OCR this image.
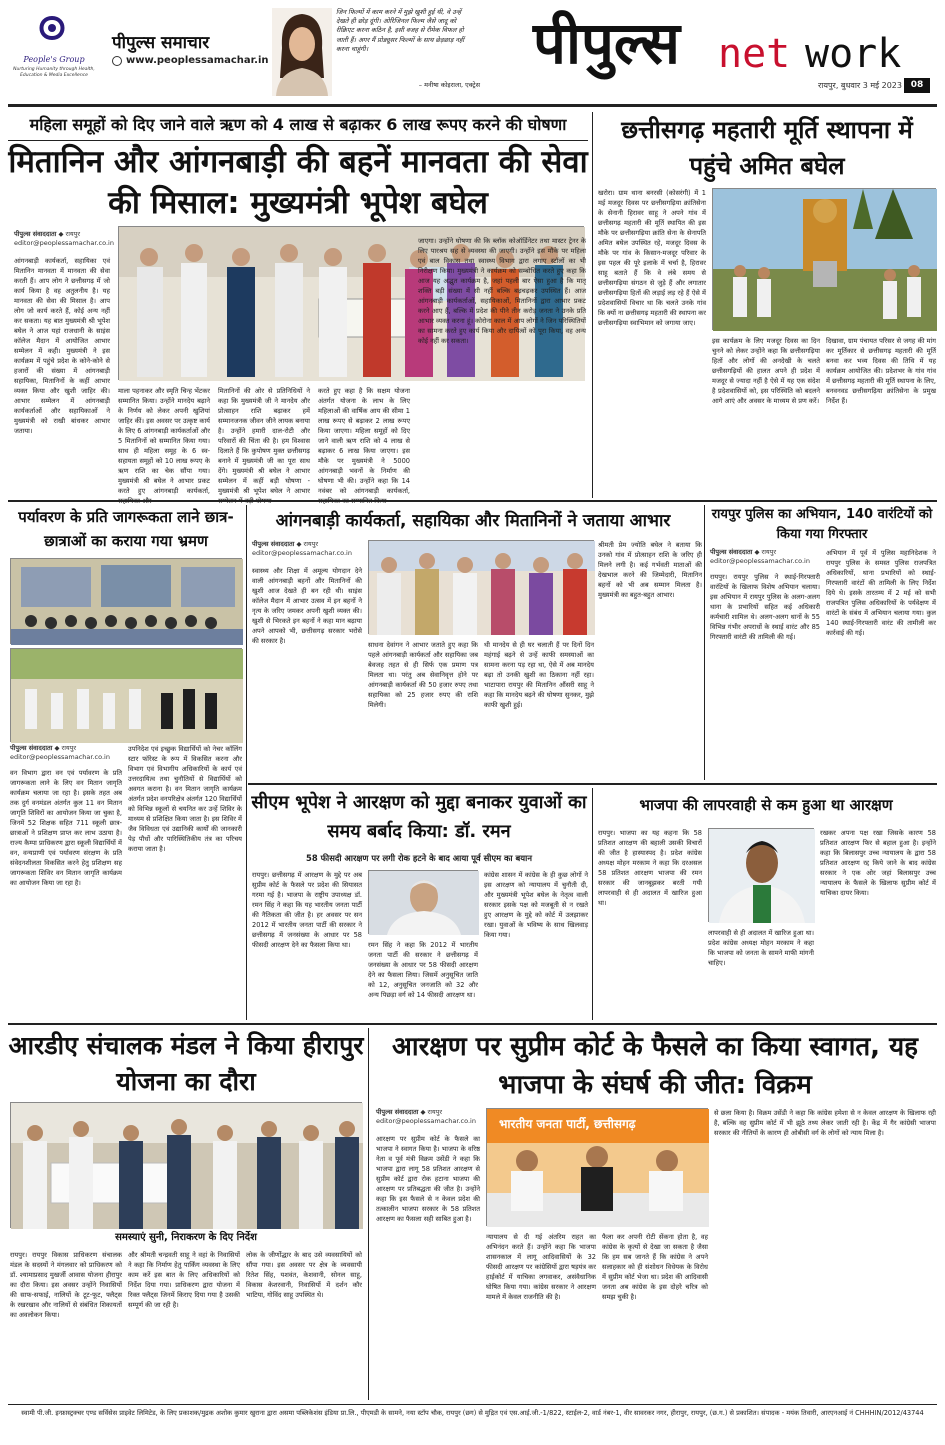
People's Group
Nurturing Humanity through Health, Education & Media Excellence
पीपुल्स समाचार
www.peoplessamachar.in
जिन फिल्मों में काम करने में मुझे खुशी हुई थी, वे उन्हें देखते ही छोड़ दूंगी। ओरिजिनल फिल्म जैसे जादू को रीक्रिएट करना कठिन है, इसी वजह से रीमेक विफल हो जाती हैं। अगर मैं प्रोड्यूसर फिल्मों के साथ छेड़छाड़ नहीं करना चाहूंगी।
– मनीषा कोइराला, एक्ट्रेस
पीपुल्स net work
रायपुर, बुधवार 3 मई 2023 08
महिला समूहों को दिए जाने वाले ऋण को 4 लाख से बढ़ाकर 6 लाख रूपए करने की घोषणा
मितानिन और आंगनबाड़ी की बहनें मानवता की सेवा की मिसाल: मुख्यमंत्री भूपेश बघेल
पीपुल्स संवाददाता ◆ रायपुर
editor@peoplessamachar.co.in
आंगनबाड़ी कार्यकर्ता, सहायिका एवं मितानिन मानवता में मानवता की सेवा करती हैं। आप लोग ने छत्तीसगढ़ में जो कार्य किया है वह अतुलनीय है। यह मानवता की सेवा की मिसाल है। आप लोग जो कार्य करते हैं, कोई अन्य नहीं कर सकता। यह बात मुख्यमंत्री श्री भूपेश बघेल ने आज यहां राजधानी के साइंस कॉलेज मैदान में आयोजित आभार सम्मेलन में कही। मुख्यमंत्री ने इस कार्यक्रम में पहुंचे प्रदेश के कोने-कोने से हजारों की संख्या में आंगनबाड़ी सहायिका, मितानिनों के कहीं आभार व्यक्त किया और खुशी जाहिर की। आभार सम्मेलन में आंगनबाड़ी कार्यकर्ताओं और सहायिकाओं ने मुख्यमंत्री को राखी बांधकर आभार जताया।
माला पहनाकर और स्मृति चिन्ह भेंटकर सम्मानित किया। उन्होंने मानदेय बढ़ाने के निर्णय को लेकर अपनी खुशियां जाहिर कीं। इस अवसर पर उत्कृष्ट कार्य के लिए 6 आंगनबाड़ी कार्यकर्ताओं और 5 मितानिनों को सम्मानित किया गया। साथ ही महिला समूह के 6 स्व-सहायता समूहों को 10 लाख रूपए के ऋण राशि का चेक सौंपा गया। मुख्यमंत्री श्री बघेल ने आभार प्रकट करते हुए आंगनबाड़ी कार्यकर्ता,
मितानिनों की ओर से प्रतिनिधियों ने कहा कि मुख्यमंत्री जी ने मानदेय और प्रोत्साहन राशि बढ़ाकर हमें सम्मानजनक जीवन जीने लायक बनाया है। उन्होंने हमारी दाल-रोटी और परिवारों की चिंता की है। हम विश्वास दिलाते हैं कि कुपोषण मुक्त छत्तीसगढ़ बनाने में मुख्यमंत्री जी का पूरा साथ देंगे। मुख्यमंत्री श्री बघेल ने आभार सम्मेलन में कहीं बड़ी घोषणा - मुख्यमंत्री श्री भूपेश बघेल ने आभार
करते हुए कहा है कि सक्षम योजना अंतर्गत योजना के लाभ के लिए महिलाओं की वार्षिक आय की सीमा 1 लाख रूपए से बढ़ाकर 2 लाख रूपए किया जाएगा। महिला समूहों को दिए जाने वाली ऋण राशि को 4 लाख से बढ़ाकर 6 लाख किया जाएगा। इस मौके पर मुख्यमंत्री ने 5000 आंगनबाड़ी भवनों के निर्माण की घोषणा भी की। उन्होंने कहा कि 14 नवंबर को आंगनबाड़ी कार्यकर्ता,
जाएगा। उन्होंने घोषणा की कि ब्लॉक कोऑर्डिनेटर तथा मास्टर ट्रेनर के लिए पारश्रय सह से व्यवस्था की जाएगी। उन्होंने इस मौके पर महिला एवं बाल विकास तथा स्वास्थ्य विभाग द्वारा लगाए स्टॉलों का भी निरीक्षण किया। मुख्यमंत्री ने कार्यक्रम को सम्बोधित करते हुए कहा कि आज यह अद्भुत कार्यक्रम है, जहां पहली बार ऐसा हुआ है कि मातृ शक्ति बड़ी संख्या में सी नहीं बल्कि बढ़चढ़कर उपस्थित हैं। आज आंगनबाड़ी कार्यकर्ताओं, सहायिकाओं, मितानिनों द्वारा आभार प्रकट करने आए हैं, बल्कि में प्रदेश की पीने तीन करोड़ जनता ने उनके प्रति आभार व्यक्त करना हूं। कोरोना काल में आप लोगों ने जिन परिस्थितियों का सामना करते हुए कार्य किया और दायित्वों को पूरा किया, वह अन्य कोई नहीं कर सकता।
छत्तीसगढ़ महतारी मूर्ति स्थापना में पहुंचे अमित बघेल
खरोरा। ग्राम थाना बनरसी (कोसरंगी) में 1 मई मजदूर दिवस पर छत्तीसगढ़िया क्रांतिसेना के सेनानी हिरावर साहू ने अपने गांव में छत्तीसगढ़ महतारी की मूर्ति स्थापित की इस मौके पर छत्तीसगढ़िया क्रांति सेना के सेनापति अमित बघेल उपस्थित रहे, मजदूर दिवस के मौके पर गांव के किसान-मजदूर परिवार के इस पहल की पूरे इलाके में चर्चा है, हिरावर साहू बताते हैं कि वे लंबे समय से छत्तीसगढ़िया संगठन से जुड़े हैं और लगातार छत्तीसगढ़िया हितों की लड़ाई लड़ रहे हैं ऐसे में प्रदेशवासियों विचार था कि चलते उनके गांव कि क्यों ना छत्तीसगढ़ महतारी की स्थापना कर छत्तीसगढ़िया स्वाभिमान को जगाया जाए।
इस कार्यक्रम के लिए मजदूर दिवस का दिन चुनने को लेकर उन्होंने कहा कि छत्तीसगढ़िया हितों और लोगों की अनदेखी के चलते छत्तीसगढ़ियों की हालत अपने ही प्रदेश में मजदूर से ज्यादा नहीं है ऐसे में यह एक संदेश है प्रदेशवासियों को, इस परिस्थिति को बदलने आगे आएं और अवसर के माध्यम से प्रण करें।
दिखावा, ग्राम पंचायत परिसर से जगह की मांग कर मूर्तिकार से छत्तीसगढ़ महतारी की मूर्ति बनवा कर भव्य दिवस की तिथि में यह कार्यक्रम आयोजित की। प्रदेशभर के गांव गांव में छत्तीसगढ़ महतारी की मूर्ति स्थापना के लिए, बनवनवड छत्तीसगढ़िया क्रांतिसेना के प्रमुख निर्देश हैं।
पर्यावरण के प्रति जागरूकता लाने छात्र-छात्राओं का कराया गया भ्रमण
पीपुल्स संवाददाता ◆ रायपुर
editor@peoplessamachar.co.in
वन विभाग द्वारा वन एवं पर्यावरण के प्रति जागरूकता लाने के लिए वन मितान जागृति कार्यक्रम चलाया जा रहा है। इसके तहत अब तक दुर्ग वनमंडल अंतर्गत कुल 11 वन मितान जागृति शिविरों का आयोजन किया जा चुका है, जिनमें 52 शिक्षक सहित 711 स्कूली छात्र-छात्राओं ने प्रशिक्षण प्राप्त कर लाभ उठाया है। राज्य कैम्पा प्राधिकरण द्वारा स्कूली विद्यार्थियों में वन, वन्यप्राणी एवं पर्यावरण संरक्षण के प्रति संवेदनशीलता विकसित करने हेतु प्रशिक्षण सह जागरूकता शिविर वन मितान जागृति कार्यक्रम का आयोजन किया जा रहा है।
उपनिदेश एवं इच्छुक विद्यार्थियों को नेचर कॉलिंग स्टार फॉरेस्ट के रूप में विकसित करना और विभाग एवं विभागीय अधिकारियों के कार्य एवं उत्तरदायित्व तथा चुनौतियों से विद्यार्थियों को अवगत कराना है। वन मितान जागृति कार्यक्रम अंतर्गत प्रदेश वनपरिक्षेत्र अंतर्गत 120 विद्यार्थियों को विभिन्न स्कूलों से चयनित कर उन्हें शिविर के माध्यम से प्रशिक्षित किया जाता है। इस शिविर में जैव विविधता एवं उद्यानिकी कार्यों की जानकारी पेड़ पौधों और पारिस्थितिकीय तंत्र का परिचय कराया जाता है।
आंगनबाड़ी कार्यकर्ता, सहायिका और मितानिनों ने जताया आभार
पीपुल्स संवाददाता ◆ रायपुर
editor@peoplessamachar.co.in
स्वास्थ्य और शिक्षा में अमूल्य योगदान देने वाली आंगनबाड़ी बहनों और मितानिनों की खुशी आज देखते ही बन रही थी। साइंस कॉलेज मैदान में आभार उत्सव में इन बहनों ने नृत्य के जरिए जमकर अपनी खुशी व्यक्त की। खुशी से भिरकते इन बहनों ने कहा मान बढ़ाया अपने आपको भी, छत्तीसगढ़ सरकार भरोसे की सरकार है।	साधना देवांगन ने आभार जताते हुए कहा कि पहले आंगनबाड़ी कार्यकर्ता और सहायिका जब बेवजह तहत से ही सिर्फ एक प्रमाण पत्र मिलता था। परंतु अब सेवानिवृत्त होने पर आंगनबाड़ी कार्यकर्ता की 50 हजार रुपए तथा सहायिका को 25 हजार रुपए की राशि मिलेगी।
थी मानदेय से ही घर चलाती हैं पर दिनों दिन महंगाई बढ़ने से उन्हें काफी समस्याओं का सामना करना पड़ रहा था, ऐसे में अब मानदेय बढ़ा तो उनकी खुशी का ठिकाना नहीं रहा। भाटापारा रायपुर की मितानिन औंसरी साहू ने कहा कि मानदेय बढ़ने की घोषणा सुनकर, मुझे काफी खुशी हुई।
श्रीमती प्रेम ज्योति बघेल ने बताया कि उनको गांव में प्रोत्साहन राशि के जरिए ही मिलने लगी है। कई गर्भवती माताओं की देखभाल करने की जिम्मेदारी, मितानिन बहनों को भी अब सम्मान मिलता है। मुख्यमंत्री का बहुत-बहुत आभार।
रायपुर पुलिस का अभियान, 140 वारंटियों को किया गया गिरफ्तार
पीपुल्स संवाददाता ◆ रायपुर
editor@peoplessamachar.co.in
रायपुर। रायपुर पुलिस ने स्थाई-गिरफ्तारी वारंटियों के खिलाफ विशेष अभियान चलाया। इस अभियान में रायपुर पुलिस के अलग-अलग थाना के प्रभारियों सहित कई अधिकारी कर्मचारी शामिल थे। अलग-अलग थानों के 55 विभिन्न गंभीर अपराधों के स्थाई वारंट और 85 गिरफ्तारी वारंटी की तामिली की गई।
अभियान में पूर्व में पुलिस महानिदेशक ने रायपुर पुलिस के समस्त पुलिस राजपत्रित अधिकारियों, थाना प्रभारियों को स्थाई-गिरफ्तारी वारंटों की तामिली के लिए निर्देश दिये थे। इसके तारतम्य में 2 मई को सभी राजपत्रित पुलिस अधिकारियों के पर्यवेक्षण में वारंटों के संबंध में अभियान चलाया गया। कुल 140 स्थाई-गिरफ्तारी वारंट की तामीली कर कार्रवाई की गई।
सीएम भूपेश ने आरक्षण को मुद्दा बनाकर युवाओं का समय बर्बाद किया: डॉ. रमन
58 फीसदी आरक्षण पर लगी रोक हटने के बाद आया पूर्व सीएम का बयान
रायपुर। छत्तीसगढ़ में आरक्षण के मुद्दे पर अब सुप्रीम कोर्ट के फैसले पर प्रदेश की सियासत गरमा गई है। भाजपा के राष्ट्रीय उपाध्यक्ष डॉ. रमन सिंह ने कहा कि यह भारतीय जनता पार्टी की नैतिकता की जीत है। हर अवसर पर सन 2012 में भारतीय जनता पार्टी की सरकार ने छत्तीसगढ़ में जनसंख्या के आधार पर 58 फीसदी आरक्षण देने का फैसला किया था।	रमन सिंह ने कहा कि 2012 में भारतीय जनता पार्टी की सरकार ने छत्तीसगढ़ में जनसंख्या के आधार पर 58 फीसदी आरक्षण देने का फैसला लिया। जिसमें अनुसूचित जाति को 12, अनुसूचित जनजाति को 32 और अन्य पिछड़ा वर्ग को 14 फीसदी आरक्षण था।
कांग्रेस शासन में कांग्रेस के ही कुछ लोगों ने इस आरक्षण को न्यायालय में चुनौती दी, और मुख्यमंत्री भूपेश बघेल के नेतृत्व वाली सरकार इसके पक्ष को मजबूती से न रखते हुए आरक्षण के मुद्दे को कोर्ट में उलझाकर रखा। युवाओं के भविष्य के साथ खिलवाड़ किया गया।
भाजपा की लापरवाही से कम हुआ था आरक्षण
रायपुर। भाजपा का यह कहना कि 58 प्रतिशत आरक्षण की बहाली उसकी विचारों की जीत है हास्यास्पद है। प्रदेश कांग्रेस अध्यक्ष मोहन मरकाम ने कहा कि दरअसल 58 प्रतिशत आरक्षण भाजपा की रमन सरकार की जानबूझकर बरती गयी लापरवाही से ही अदालत में खारिज हुआ था।
लापरवाही से ही अदालत में खारिज हुआ था। प्रदेश कांग्रेस अध्यक्ष मोहन मरकाम ने कहा कि भाजपा को जनता के सामने माफी मांगनी चाहिए।
रखकर अपना पक्ष रखा जिसके कारण 58 प्रतिशत आरक्षण फिर से बहाल हुआ है। इन्होंने कहा कि बिलासपुर उच्च न्यायालय के द्वारा 58 प्रतिशत आरक्षण रद्द किये जाने के बाद कांग्रेस सरकार ने एक ओर जहां बिलासपुर उच्च न्यायालय के फैसले के खिलाफ सुप्रीम कोर्ट में याचिका दायर किया।
आरडीए संचालक मंडल ने किया हीरापुर योजना का दौरा
समस्याएं सुनी, निराकरण के दिए निर्देश
रायपुर। रायपुर विकास प्राधिकरण संचालक मंडल के सदस्यों ने मंगलवार को प्राधिकरण को डॉ. श्यामाप्रसाद मुखर्जी आवास योजना हीरापुर का दौरा किया। इस अवसर उन्होंने निवासियों की साफ-सफाई, नालियों के टूट-फूट, फ्लैट्स के रखरखाव और नालियों से संबंधित शिकायतों का अवलोकन किया।
और श्रीमती चन्द्रवती साहू ने वहां के निवासियों ने कहा कि निर्माण हेतु पार्किंग व्यवस्था के लिए काम करें इस बात के लिए अधिकारियों को निर्देश दिया गया। प्राधिकरण द्वारा योजना में रिक्त फ्लैट्स जिनमें किराए दिया गया है उसकी सम्पूर्ण की जा रही है।
लोक के जीर्णोद्धार के बाद उसे व्यवसायियों को सौंपा गया। इस अवसर पर क्षेत्र के व्यवसायी रितेश सिंह, यशवंत, केशवानी, सोनल साहू, विकास केशरवानी, निवासियों में दर्शन कौर भाटिया, गोविंद साहू उपस्थित थे।
आरक्षण पर सुप्रीम कोर्ट के फैसले का किया स्वागत, यह भाजपा के संघर्ष की जीत: विक्रम
पीपुल्स संवाददाता ◆ रायपुर
editor@peoplessamachar.co.in
आरक्षण पर सुप्रीम कोर्ट के फैसले का भाजपा ने स्वागत किया है। भाजपा के वरिष्ठ नेता व पूर्व मंत्री विक्रम उसेंडी ने कहा कि भाजपा द्वारा लागू 58 प्रतिशत आरक्षण से सुप्रीम कोर्ट द्वारा रोक हटाना भाजपा की आरक्षण पर प्रतिबद्धता की जीत है। उन्होंने कहा कि इस फैसले से न केवल प्रदेश की तत्कालीन भाजपा सरकार के 58 प्रतिशत आरक्षण का फैसला सही साबित हुआ है।
भारतीय जनता पार्टी, छत्तीसगढ़
न्यायालय से दी गई अंतरिम राहत का अभिनंदन करते हैं। उन्होंने कहा कि भाजपा शासनकाल में लागू आदिवासियों के 32 फीसदी आरक्षण पर कांग्रेसियों द्वारा षड़यंत्र कर हाईकोर्ट में याचिका लगवाकर, असंवैधानिक घोषित किया गया। कांग्रेस सरकार ने आरक्षण मामले में केवल राजनीति की है।
फैला कर अपनी रोटी सेंकना होता है, वह कांग्रेस के कृत्यों से देखा जा सकता है जैसा कि हम सब जानते हैं कि कांग्रेस ने अपने सलाहकार को ही संशोधन विधेयक के विरोध में सुप्रीम कोर्ट भेजा था। प्रदेश की आदिवासी जनता अब कांग्रेस के इस दोहरे चरित्र को समझ चुकी है।
से छला किया है। विक्रम उसेंडी ने कहा कि कांग्रेस हमेशा से न केवल आरक्षण के खिलाफ रही है, बल्कि वह सुप्रीम कोर्ट में भी झूठे तथ्य लेकर जाती रही है। केंद्र में गैर कांग्रेसी भाजपा सरकार की नीतियों के कारण ही ओबीसी वर्ग के लोगों को न्याय मिला है।
स्वामी पी.जी. इन्फ्रास्ट्रक्चर एण्ड सर्विसेस प्राइवेट लिमिटेड, के लिए प्रकाशक/मुद्रक अशोक कुमार खुराना द्वारा असमा पब्लिकेशंस इंडिया प्रा.लि., पीएमडी के सामने, नया स्टॉप चौक, रायपुर (छग) से मुद्रित एवं एस.आई.जी.-1/822, स्टाईल-2, वार्ड नंबर-1, वीर सावरकर नगर, हीरापुर, रायपुर, (छ.ग.) से प्रकाशित। संपादक - मयंक तिवारी, आरएनआई नं CHHHIN/2012/43744
